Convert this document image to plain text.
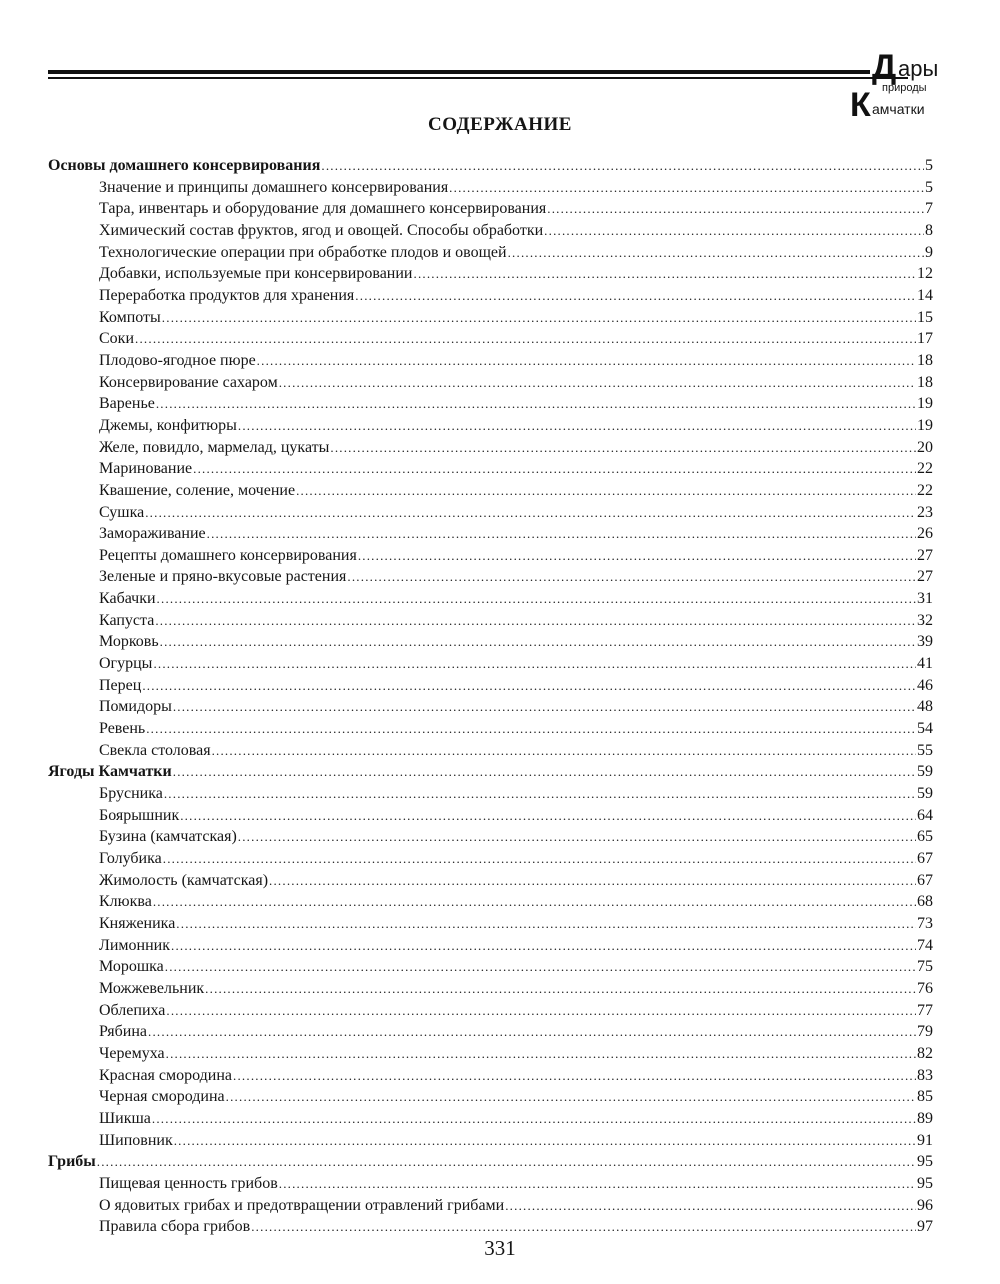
Д ары
природы
К амчатки
СОДЕРЖАНИЕ
Основы домашнего консервирования .....	5
Значение и принципы домашнего консервирования .....	5
Тара, инвентарь и оборудование для домашнего консервирования .....	7
Химический состав фруктов, ягод и овощей. Способы обработки .....	8
Технологические операции при обработке плодов и овощей .....	9
Добавки, используемые при консервировании .....	12
Переработка продуктов для хранения .....	14
Компоты .....	15
Соки .....	17
Плодово-ягодное пюре .....	18
Консервирование сахаром .....	18
Варенье .....	19
Джемы, конфитюры .....	19
Желе, повидло, мармелад, цукаты .....	20
Маринование .....	22
Квашение, соление, мочение .....	22
Сушка .....	23
Замораживание .....	26
Рецепты домашнего консервирования .....	27
Зеленые и пряно-вкусовые растения .....	27
Кабачки .....	31
Капуста .....	32
Морковь .....	39
Огурцы .....	41
Перец .....	46
Помидоры .....	48
Ревень .....	54
Свекла столовая .....	55
Ягоды Камчатки .....	59
Брусника .....	59
Боярышник .....	64
Бузина (камчатская) .....	65
Голубика .....	67
Жимолость (камчатская) .....	67
Клюква .....	68
Княженика .....	73
Лимонник .....	74
Морошка .....	75
Можжевельник .....	76
Облепиха .....	77
Рябина .....	79
Черемуха .....	82
Красная смородина .....	83
Черная смородина .....	85
Шикша .....	89
Шиповник .....	91
Грибы .....	95
Пищевая ценность грибов .....	95
О ядовитых грибах и предотвращении отравлений грибами .....	96
Правила сбора грибов .....	97
331
